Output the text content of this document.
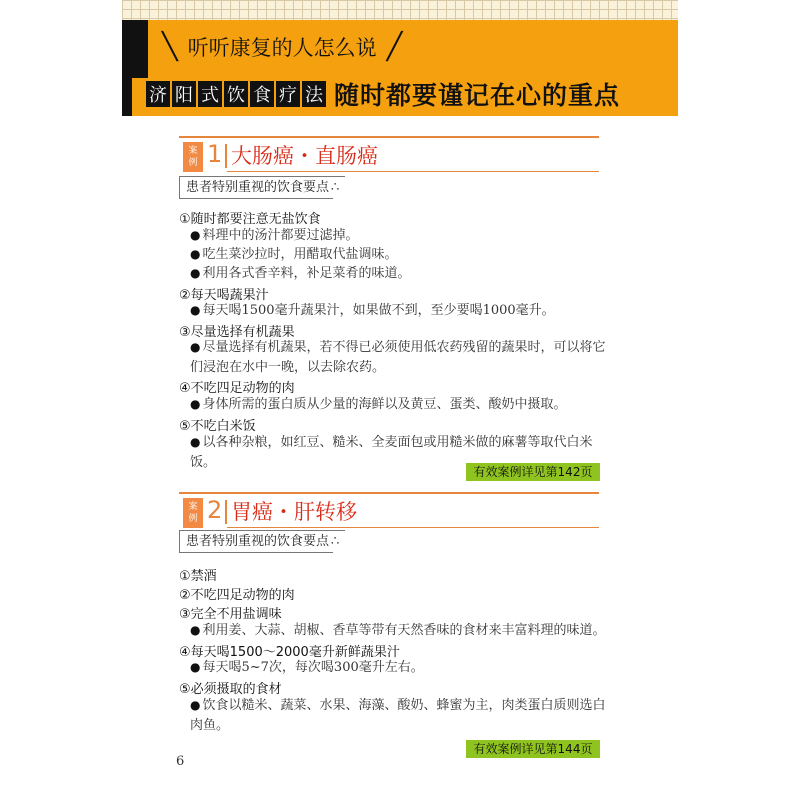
╲ 听听康复的人怎么说 ╱
济 阳 式 饮 食 疗 法 随时都要谨记在心的重点
案
例 1 大肠癌・直肠癌
患者特别重视的饮食要点 ∴
①随时都要注意无盐饮食
● 料理中的汤汁都要过滤掉。
● 吃生菜沙拉时，用醋取代盐调味。
● 利用各式香辛料，补足菜肴的味道。
②每天喝蔬果汁
● 每天喝1500毫升蔬果汁，如果做不到，至少要喝1000毫升。
③尽量选择有机蔬果
● 尽量选择有机蔬果，若不得已必须使用低农药残留的蔬果时，可以将它们浸泡在水中一晚，以去除农药。
④不吃四足动物的肉
● 身体所需的蛋白质从少量的海鲜以及黄豆、蛋类、酸奶中摄取。
⑤不吃白米饭
● 以各种杂粮，如红豆、糙米、全麦面包或用糙米做的麻薯等取代白米饭。
有效案例详见第142页
案
例 2 胃癌・肝转移
患者特别重视的饮食要点 ∴
①禁酒
②不吃四足动物的肉
③完全不用盐调味
● 利用姜、大蒜、胡椒、香草等带有天然香味的食材来丰富料理的味道。
④每天喝1500～2000毫升新鲜蔬果汁
● 每天喝5~7次，每次喝300毫升左右。
⑤必须摄取的食材
● 饮食以糙米、蔬菜、水果、海藻、酸奶、蜂蜜为主，肉类蛋白质则选白肉鱼。
有效案例详见第144页
6
